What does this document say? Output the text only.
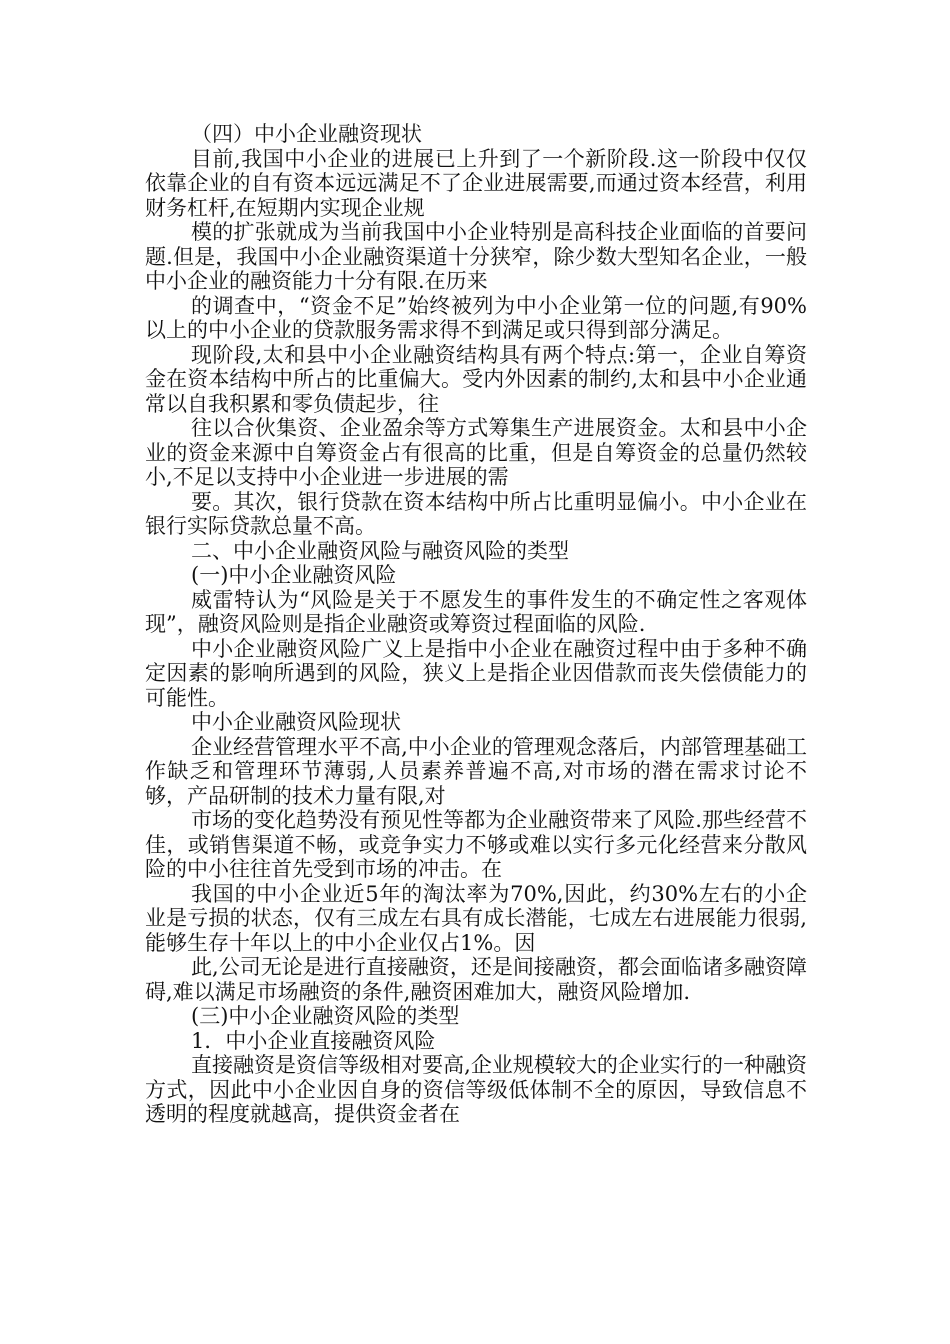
（四）中小企业融资现状

目前,我国中小企业的进展已上升到了一个新阶段.这一阶段中仅仅依靠企业的自有资本远远满足不了企业进展需要,而通过资本经营，利用财务杠杆,在短期内实现企业规

模的扩张就成为当前我国中小企业特别是高科技企业面临的首要问题.但是，我国中小企业融资渠道十分狭窄，除少数大型知名企业，一般中小企业的融资能力十分有限.在历来

的调查中，“资金不足”始终被列为中小企业第一位的问题,有90%以上的中小企业的贷款服务需求得不到满足或只得到部分满足。

现阶段,太和县中小企业融资结构具有两个特点:第一，企业自筹资金在资本结构中所占的比重偏大。受内外因素的制约,太和县中小企业通常以自我积累和零负债起步，往

往以合伙集资、企业盈余等方式筹集生产进展资金。太和县中小企业的资金来源中自筹资金占有很高的比重，但是自筹资金的总量仍然较小,不足以支持中小企业进一步进展的需

要。其次，银行贷款在资本结构中所占比重明显偏小。中小企业在银行实际贷款总量不高。

二、中小企业融资风险与融资风险的类型

(一)中小企业融资风险

威雷特认为“风险是关于不愿发生的事件发生的不确定性之客观体现”，融资风险则是指企业融资或筹资过程面临的风险.

中小企业融资风险广义上是指中小企业在融资过程中由于多种不确定因素的影响所遇到的风险，狭义上是指企业因借款而丧失偿债能力的可能性。

中小企业融资风险现状

企业经营管理水平不高,中小企业的管理观念落后，内部管理基础工作缺乏和管理环节薄弱,人员素养普遍不高,对市场的潜在需求讨论不够，产品研制的技术力量有限,对

市场的变化趋势没有预见性等都为企业融资带来了风险.那些经营不佳，或销售渠道不畅，或竞争实力不够或难以实行多元化经营来分散风险的中小往往首先受到市场的冲击。在

我国的中小企业近5年的淘汰率为70%,因此，约30%左右的小企业是亏损的状态，仅有三成左右具有成长潜能，七成左右进展能力很弱,能够生存十年以上的中小企业仅占1%。因

此,公司无论是进行直接融资，还是间接融资，都会面临诸多融资障碍,难以满足市场融资的条件,融资困难加大，融资风险增加.

(三)中小企业融资风险的类型

1．中小企业直接融资风险

直接融资是资信等级相对要高,企业规模较大的企业实行的一种融资方式，因此中小企业因自身的资信等级低体制不全的原因，导致信息不透明的程度就越高，提供资金者在
